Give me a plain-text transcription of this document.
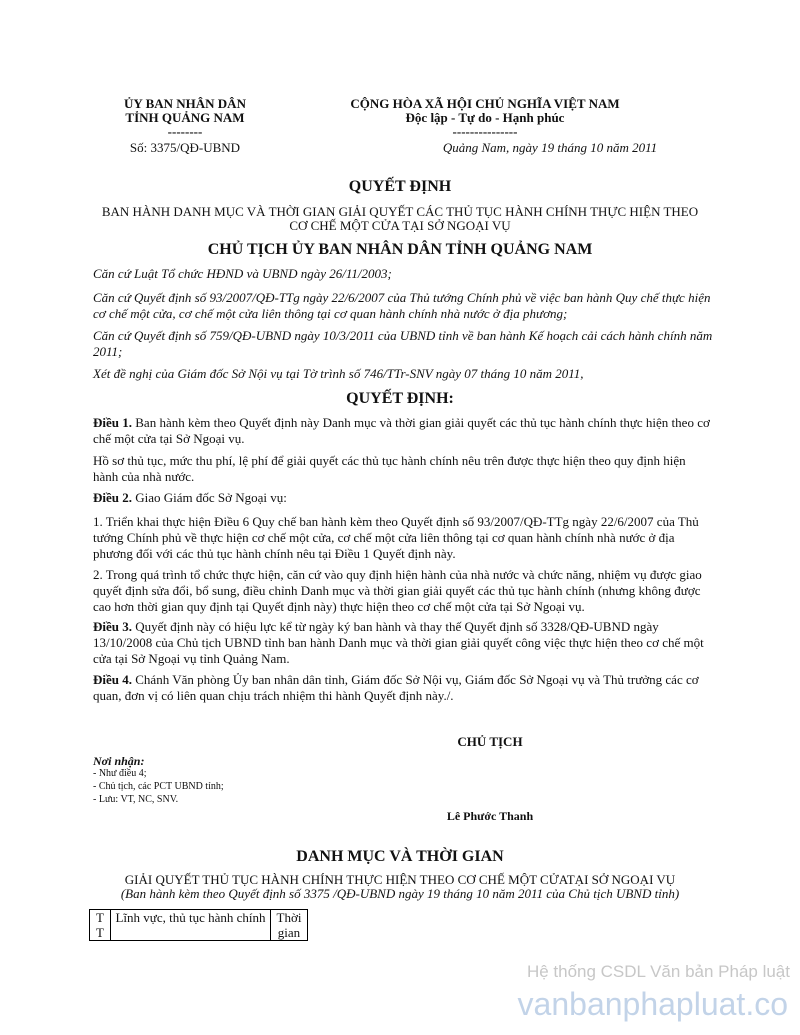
ỦY BAN NHÂN DÂN
TỈNH QUẢNG NAM
--------
Số: 3375/QĐ-UBND
CỘNG HÒA XÃ HỘI CHỦ NGHĨA VIỆT NAM
Độc lập - Tự do - Hạnh phúc
---------------
Quảng Nam, ngày 19 tháng 10 năm 2011
QUYẾT ĐỊNH
BAN HÀNH DANH MỤC VÀ THỜI GIAN GIẢI QUYẾT CÁC THỦ TỤC HÀNH CHÍNH THỰC HIỆN THEO
CƠ CHẾ MỘT CỬA TẠI SỞ NGOẠI VỤ
CHỦ TỊCH ỦY BAN NHÂN DÂN TỈNH QUẢNG NAM
Căn cứ Luật Tổ chức HĐND và UBND ngày 26/11/2003;
Căn cứ Quyết định số 93/2007/QĐ-TTg ngày 22/6/2007 của Thủ tướng Chính phủ về việc ban hành Quy chế thực hiện cơ chế một cửa, cơ chế một cửa liên thông tại cơ quan hành chính nhà nước ở địa phương;
Căn cứ Quyết định số 759/QĐ-UBND ngày 10/3/2011 của UBND tỉnh về ban hành Kế hoạch cải cách hành chính năm 2011;
Xét đề nghị của Giám đốc Sở Nội vụ tại Tờ trình số 746/TTr-SNV ngày 07 tháng 10 năm 2011,
QUYẾT ĐỊNH:
Điều 1. Ban hành kèm theo Quyết định này Danh mục và thời gian giải quyết các thủ tục hành chính thực hiện theo cơ chế một cửa tại Sở Ngoại vụ.
Hồ sơ thủ tục, mức thu phí, lệ phí để giải quyết các thủ tục hành chính nêu trên được thực hiện theo quy định hiện hành của nhà nước.
Điều 2. Giao Giám đốc Sở Ngoại vụ:
1. Triển khai thực hiện Điều 6 Quy chế ban hành kèm theo Quyết định số 93/2007/QĐ-TTg ngày 22/6/2007 của Thủ tướng Chính phủ về thực hiện cơ chế một cửa, cơ chế một cửa liên thông tại cơ quan hành chính nhà nước ở địa phương đối với các thủ tục hành chính nêu tại Điều 1 Quyết định này.
2. Trong quá trình tổ chức thực hiện, căn cứ vào quy định hiện hành của nhà nước và chức năng, nhiệm vụ được giao quyết định sửa đổi, bổ sung, điều chỉnh Danh mục và thời gian giải quyết các thủ tục hành chính (nhưng không được cao hơn thời gian quy định tại Quyết định này) thực hiện theo cơ chế một cửa tại Sở Ngoại vụ.
Điều 3. Quyết định này có hiệu lực kể từ ngày ký ban hành và thay thế Quyết định số 3328/QĐ-UBND ngày 13/10/2008 của Chủ tịch UBND tỉnh ban hành Danh mục và thời gian giải quyết công việc thực hiện theo cơ chế một cửa tại Sở Ngoại vụ tỉnh Quảng Nam.
Điều 4. Chánh Văn phòng Ủy ban nhân dân tỉnh, Giám đốc Sở Nội vụ, Giám đốc Sở Ngoại vụ và Thủ trưởng các cơ quan, đơn vị có liên quan chịu trách nhiệm thi hành Quyết định này./.
CHỦ TỊCH
Lê Phước Thanh
Nơi nhận:
- Như điều 4;
- Chủ tịch, các PCT UBND tỉnh;
- Lưu: VT, NC, SNV.
DANH MỤC VÀ THỜI GIAN
GIẢI QUYẾT THỦ TỤC HÀNH CHÍNH THỰC HIỆN THEO CƠ CHẾ MỘT CỬATẠI SỞ NGOẠI VỤ
(Ban hành kèm theo Quyết định số 3375 /QĐ-UBND ngày 19 tháng 10 năm 2011 của Chủ tịch UBND tỉnh)
T
T	Lĩnh vực, thủ tục hành chính	Thời gian
Hệ thống CSDL Văn bản Pháp luật
vanbanphapluat.co
